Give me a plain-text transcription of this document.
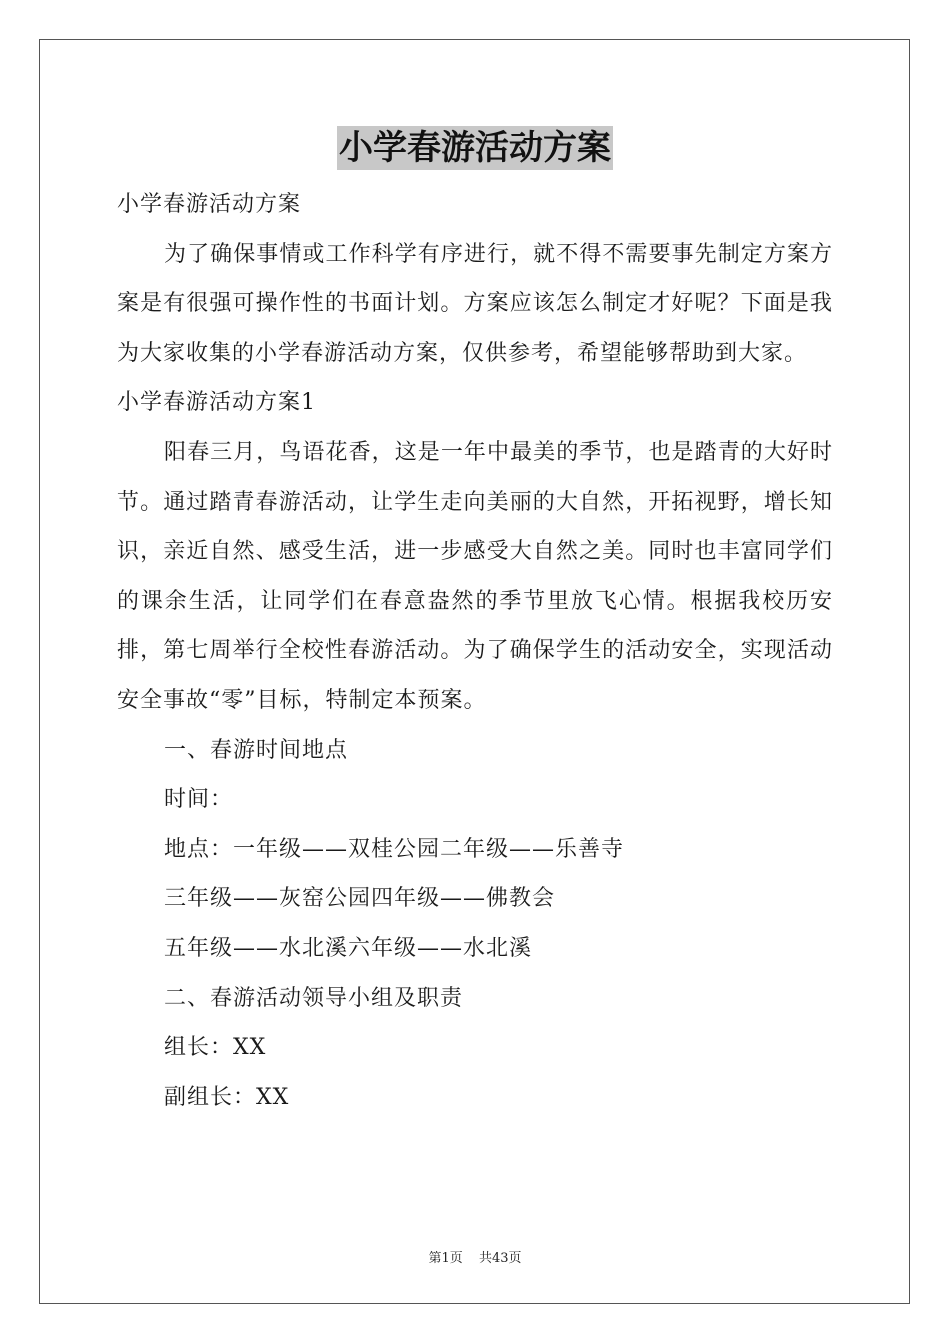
小学春游活动方案

小学春游活动方案

为了确保事情或工作科学有序进行，就不得不需要事先制定方案方案是有很强可操作性的书面计划。方案应该怎么制定才好呢？下面是我为大家收集的小学春游活动方案，仅供参考，希望能够帮助到大家。

小学春游活动方案1

阳春三月，鸟语花香，这是一年中最美的季节，也是踏青的大好时节。通过踏青春游活动，让学生走向美丽的大自然，开拓视野，增长知识，亲近自然、感受生活，进一步感受大自然之美。同时也丰富同学们的课余生活，让同学们在春意盎然的季节里放飞心情。根据我校历安排，第七周举行全校性春游活动。为了确保学生的活动安全，实现活动安全事故“零”目标，特制定本预案。

一、春游时间地点

时间：

地点：一年级——双桂公园二年级——乐善寺

三年级——灰窑公园四年级——佛教会

五年级——水北溪六年级——水北溪

二、春游活动领导小组及职责

组长：XX

副组长：XX

第1页 共43页
